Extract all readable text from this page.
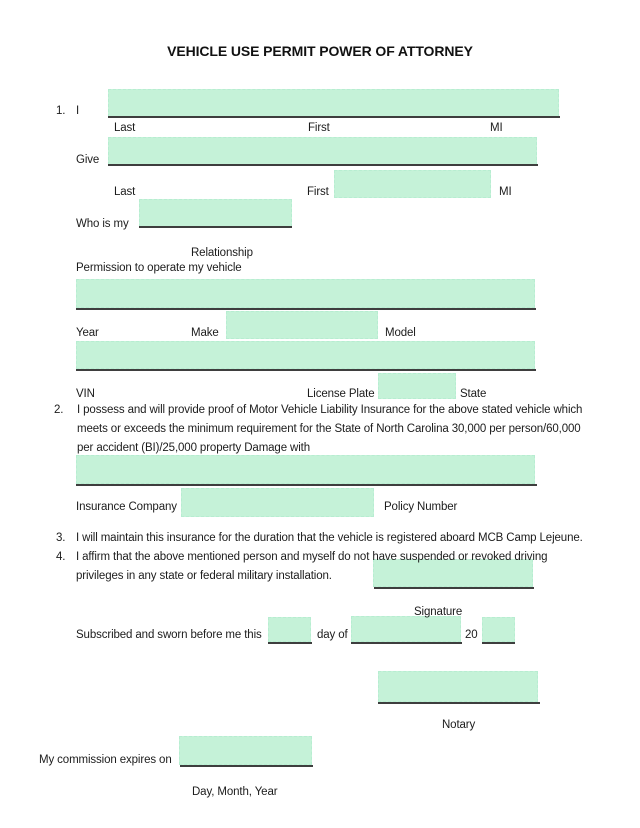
VEHICLE USE PERMIT POWER OF ATTORNEY
1. I
Last	First	MI
Give
Last	First	MI
Who is my
Relationship
Permission to operate my vehicle
Year	Make	Model
VIN	License Plate	State
2. I possess and will provide proof of Motor Vehicle Liability Insurance for the above stated vehicle which
meets or exceeds the minimum requirement for the State of North Carolina 30,000 per person/60,000
per accident (BI)/25,000 property Damage with
Insurance Company	Policy Number
3. I will maintain this insurance for the duration that the vehicle is registered aboard MCB Camp Lejeune.
4. I affirm that the above mentioned person and myself do not have suspended or revoked driving
privileges in any state or federal military installation.
Signature
Subscribed and sworn before me this	day of	20
Notary
My commission expires on
Day, Month, Year
